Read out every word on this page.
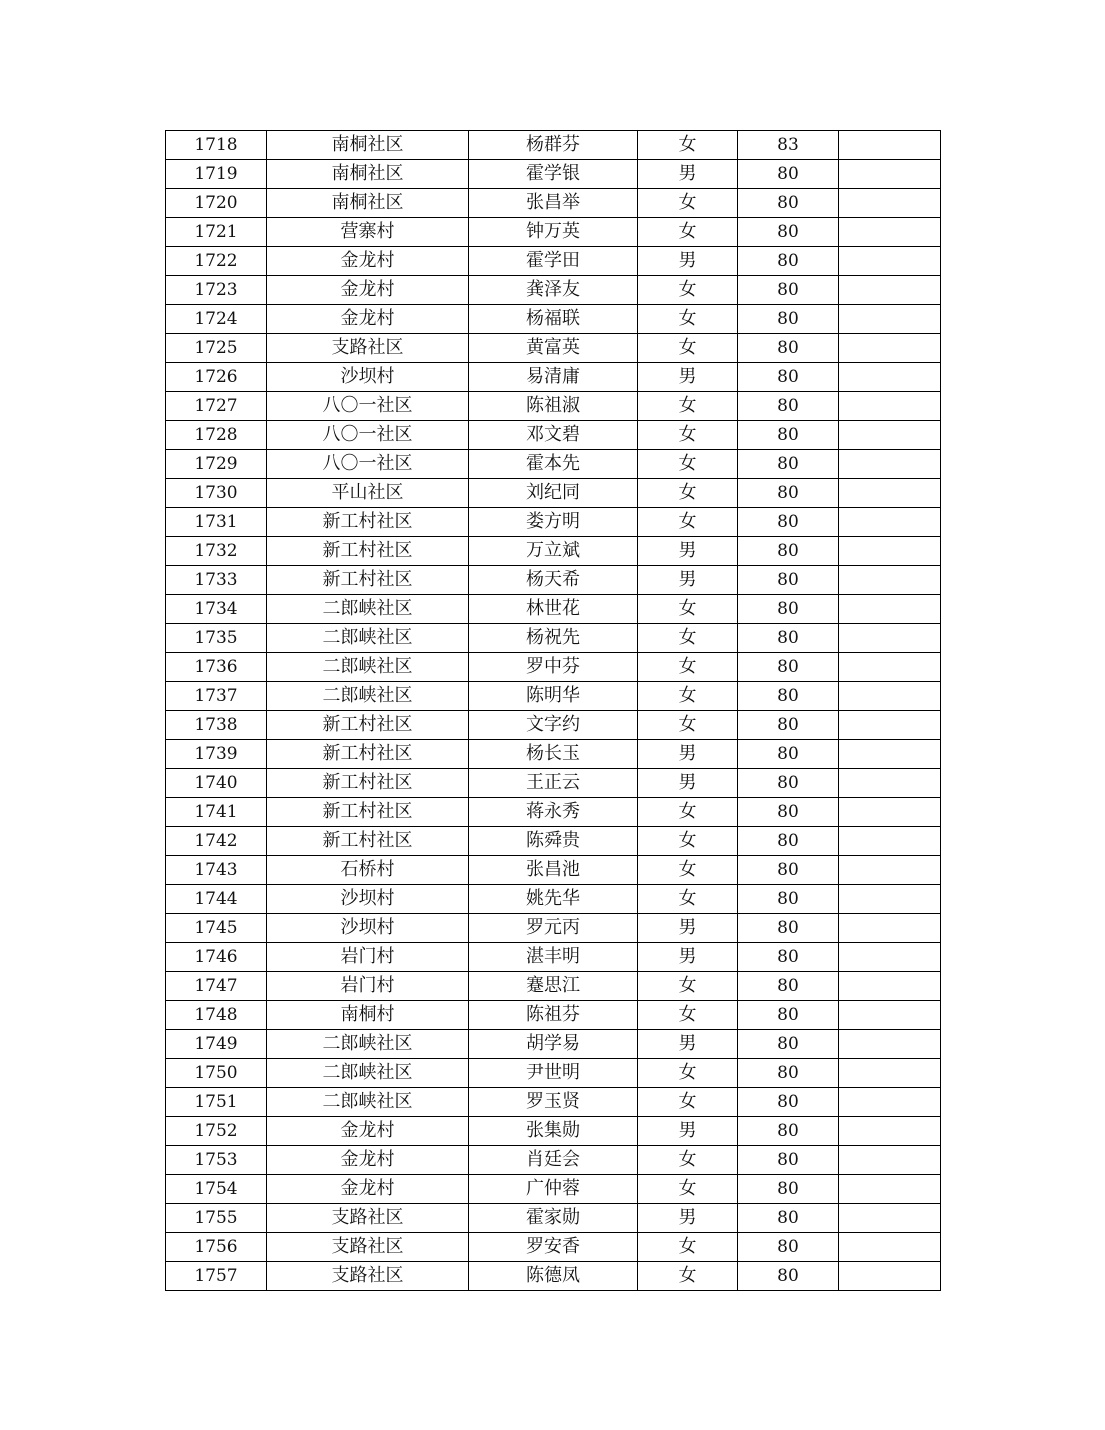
1718	南桐社区	杨群芬	女	83	
1719	南桐社区	霍学银	男	80	
1720	南桐社区	张昌举	女	80	
1721	营寨村	钟万英	女	80	
1722	金龙村	霍学田	男	80	
1723	金龙村	龚泽友	女	80	
1724	金龙村	杨福联	女	80	
1725	支路社区	黄富英	女	80	
1726	沙坝村	易清庸	男	80	
1727	八〇一社区	陈祖淑	女	80	
1728	八〇一社区	邓文碧	女	80	
1729	八〇一社区	霍本先	女	80	
1730	平山社区	刘纪同	女	80	
1731	新工村社区	娄方明	女	80	
1732	新工村社区	万立斌	男	80	
1733	新工村社区	杨天希	男	80	
1734	二郎峡社区	林世花	女	80	
1735	二郎峡社区	杨祝先	女	80	
1736	二郎峡社区	罗中芬	女	80	
1737	二郎峡社区	陈明华	女	80	
1738	新工村社区	文字约	女	80	
1739	新工村社区	杨长玉	男	80	
1740	新工村社区	王正云	男	80	
1741	新工村社区	蒋永秀	女	80	
1742	新工村社区	陈舜贵	女	80	
1743	石桥村	张昌池	女	80	
1744	沙坝村	姚先华	女	80	
1745	沙坝村	罗元丙	男	80	
1746	岩门村	湛丰明	男	80	
1747	岩门村	蹇思江	女	80	
1748	南桐村	陈祖芬	女	80	
1749	二郎峡社区	胡学易	男	80	
1750	二郎峡社区	尹世明	女	80	
1751	二郎峡社区	罗玉贤	女	80	
1752	金龙村	张集勋	男	80	
1753	金龙村	肖廷会	女	80	
1754	金龙村	广仲蓉	女	80	
1755	支路社区	霍家勋	男	80	
1756	支路社区	罗安香	女	80	
1757	支路社区	陈德凤	女	80	
